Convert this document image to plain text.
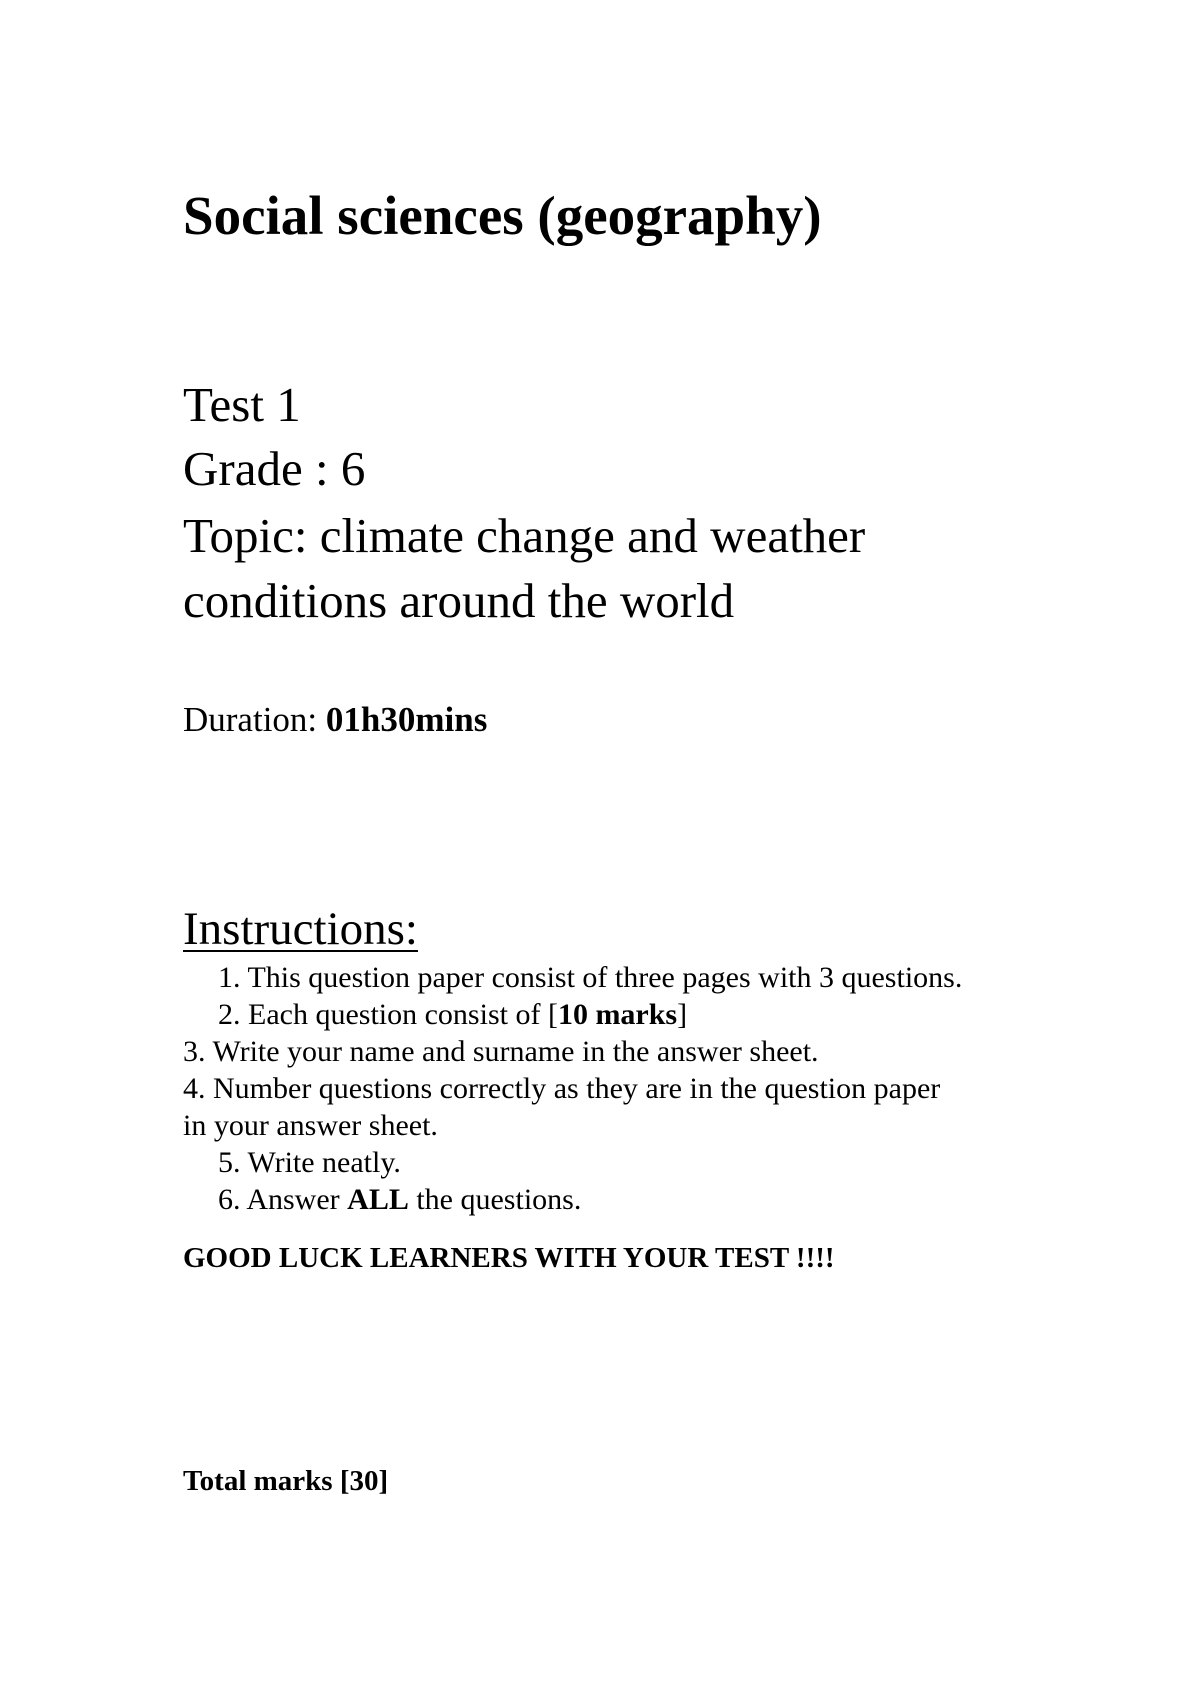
Social sciences (geography)
Test 1
Grade : 6
Topic: climate change and weather
conditions around the world
Duration: 01h30mins
Instructions:
1. This question paper consist of three pages with 3 questions.
2. Each question consist of [10 marks]
3. Write your name and surname in the answer sheet.
4. Number questions correctly as they are in the question paper
in your answer sheet.
5. Write neatly.
6. Answer ALL the questions.
GOOD LUCK LEARNERS WITH YOUR TEST !!!!
Total marks [30]
